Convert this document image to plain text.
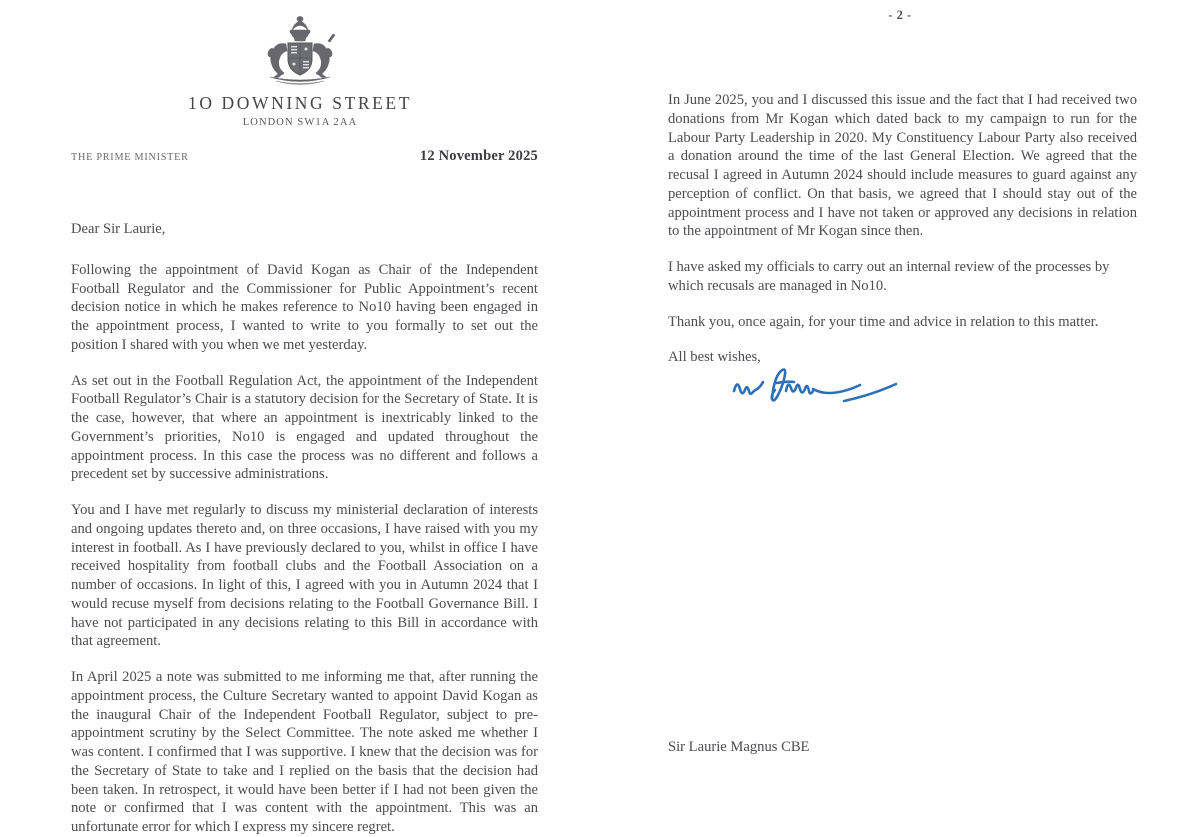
1O DOWNING STREET
LONDON SW1A 2AA
THE PRIME MINISTER	12 November 2025

Dear Sir Laurie,

Following the appointment of David Kogan as Chair of the Independent Football Regulator and the Commissioner for Public Appointment’s recent decision notice in which he makes reference to No10 having been engaged in the appointment process, I wanted to write to you formally to set out the position I shared with you when we met yesterday.

As set out in the Football Regulation Act, the appointment of the Independent Football Regulator’s Chair is a statutory decision for the Secretary of State. It is the case, however, that where an appointment is inextricably linked to the Government’s priorities, No10 is engaged and updated throughout the appointment process. In this case the process was no different and follows a precedent set by successive administrations.

You and I have met regularly to discuss my ministerial declaration of interests and ongoing updates thereto and, on three occasions, I have raised with you my interest in football. As I have previously declared to you, whilst in office I have received hospitality from football clubs and the Football Association on a number of occasions. In light of this, I agreed with you in Autumn 2024 that I would recuse myself from decisions relating to the Football Governance Bill. I have not participated in any decisions relating to this Bill in accordance with that agreement.

In April 2025 a note was submitted to me informing me that, after running the appointment process, the Culture Secretary wanted to appoint David Kogan as the inaugural Chair of the Independent Football Regulator, subject to pre-appointment scrutiny by the Select Committee. The note asked me whether I was content. I confirmed that I was supportive. I knew that the decision was for the Secretary of State to take and I replied on the basis that the decision had been taken. In retrospect, it would have been better if I had not been given the note or confirmed that I was content with the appointment. This was an unfortunate error for which I express my sincere regret.

- 2 -

In June 2025, you and I discussed this issue and the fact that I had received two donations from Mr Kogan which dated back to my campaign to run for the Labour Party Leadership in 2020. My Constituency Labour Party also received a donation around the time of the last General Election. We agreed that the recusal I agreed in Autumn 2024 should include measures to guard against any perception of conflict. On that basis, we agreed that I should stay out of the appointment process and I have not taken or approved any decisions in relation to the appointment of Mr Kogan since then.

I have asked my officials to carry out an internal review of the processes by which recusals are managed in No10.

Thank you, once again, for your time and advice in relation to this matter.

All best wishes,

Sir Laurie Magnus CBE
